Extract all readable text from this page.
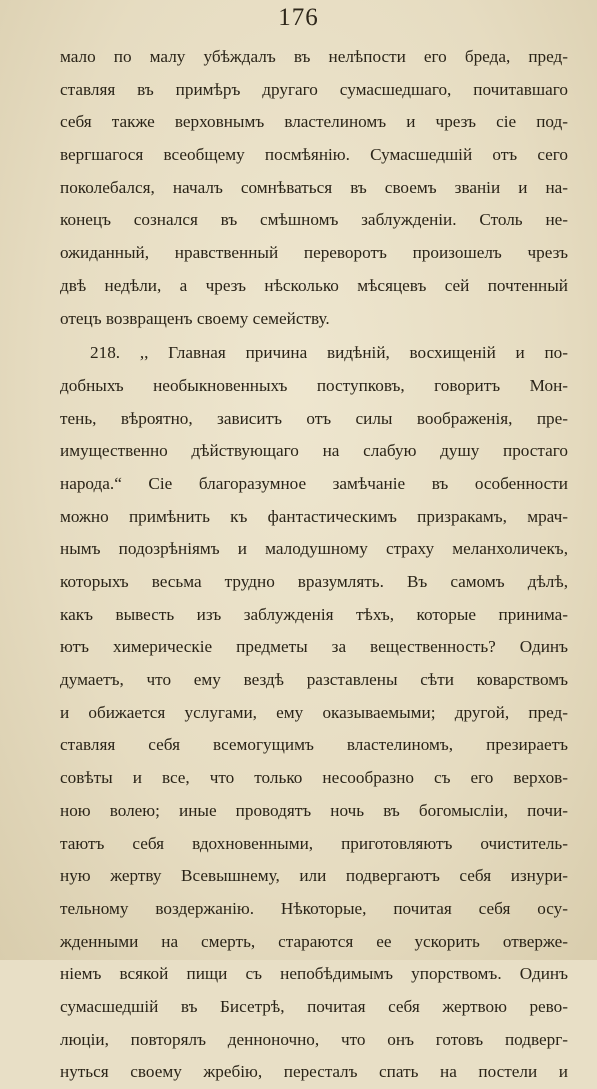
176
мало по малу убѣждалъ въ нелѣпости его бреда, пред-
ставляя въ примѣръ другаго сумасшедшаго, почитавшаго
себя также верховнымъ властелиномъ и чрезъ сіе под-
вергшагося всеобщему посмѣянію. Сумасшедшій отъ сего
поколебался, началъ сомнѣваться въ своемъ званіи и на-
конецъ сознался въ смѣшномъ заблужденіи. Столь не-
ожиданный, нравственный переворотъ произошелъ чрезъ
двѣ недѣли, а чрезъ нѣсколько мѣсяцевъ сей почтенный
отецъ возвращенъ своему семейству.
218. ,, Главная причина видѣній, восхищеній и по-
добныхъ необыкновенныхъ поступковъ, говоритъ Мон-
тень, вѣроятно, зависитъ отъ силы воображенія, пре-
имущественно дѣйствующаго на слабую душу простаго
народа.“ Сіе благоразумное замѣчаніе въ особенности
можно примѣнить къ фантастическимъ призракамъ, мрач-
нымъ подозрѣніямъ и малодушному страху меланхоличекъ,
которыхъ весьма трудно вразумлять. Въ самомъ дѣлѣ,
какъ вывесть изъ заблужденія тѣхъ, которые принима-
ютъ химерическіе предметы за вещественность? Одинъ
думаетъ, что ему вездѣ разставлены сѣти коварствомъ
и обижается услугами, ему оказываемыми; другой, пред-
ставляя себя всемогущимъ властелиномъ, презираетъ
совѣты и все, что только несообразно съ его верхов-
ною волею; иные проводятъ ночь въ богомысліи, почи-
таютъ себя вдохновенными, приготовляютъ очиститель-
ную жертву Всевышнему, или подвергаютъ себя изнури-
тельному воздержанію. Нѣкоторые, почитая себя осу-
жденными на смерть, стараются ее ускорить отверже-
ніемъ всякой пищи съ непобѣдимымъ упорствомъ. Одинъ
сумасшедшій въ Бисетрѣ, почитая себя жертвою рево-
люціи, повторялъ денноночно, что онъ готовъ подверг-
нуться своему жребію, перестaлъ спать на постели и
